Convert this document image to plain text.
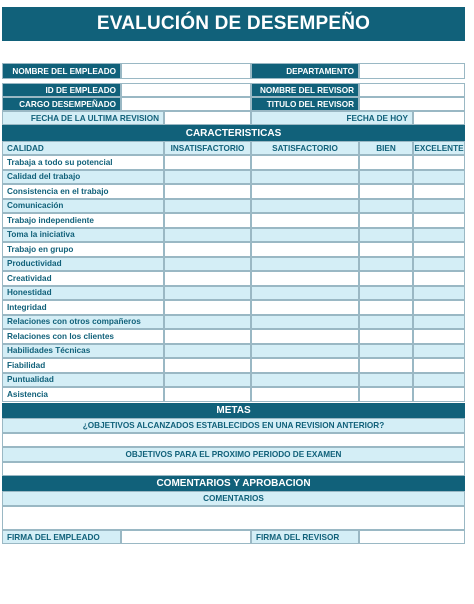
EVALUCIÓN DE DESEMPEÑO
NOMBRE DEL EMPLEADO	DEPARTAMENTO
ID DE EMPLEADO	NOMBRE DEL REVISOR
CARGO DESEMPEÑADO	TITULO DEL REVISOR
FECHA DE LA ULTIMA REVISION	FECHA DE HOY
CARACTERISTICAS
CALIDAD	INSATISFACTORIO	SATISFACTORIO	BIEN	EXCELENTE
Trabaja a todo su potencial
Calidad del trabajo
Consistencia en el trabajo
Comunicación
Trabajo independiente
Toma la iniciativa
Trabajo en grupo
Productividad
Creatividad
Honestidad
Integridad
Relaciones con otros compañeros
Relaciones con los clientes
Habilidades Técnicas
Fiabilidad
Puntualidad
Asistencia
METAS
¿OBJETIVOS ALCANZADOS ESTABLECIDOS EN UNA REVISION ANTERIOR?
OBJETIVOS PARA EL PROXIMO PERIODO DE EXAMEN
COMENTARIOS Y APROBACION
COMENTARIOS
FIRMA DEL EMPLEADO	FIRMA DEL REVISOR
